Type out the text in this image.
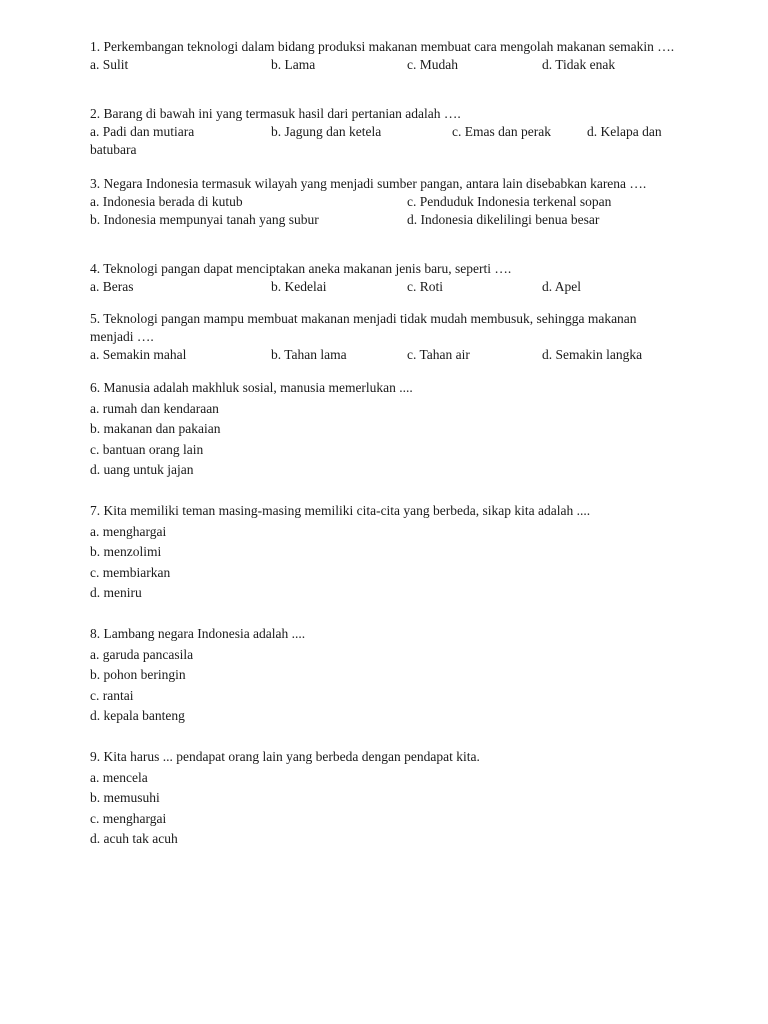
1. Perkembangan teknologi dalam bidang produksi makanan membuat cara mengolah makanan semakin ….
a. Sulit	b. Lama	c. Mudah	d. Tidak enak
2. Barang di bawah ini yang termasuk hasil dari pertanian adalah ….
a. Padi dan mutiara	b. Jagung dan ketela	c. Emas dan perak	d. Kelapa dan
batubara
3. Negara Indonesia termasuk wilayah yang menjadi sumber pangan, antara lain disebabkan karena ….
a. Indonesia berada di kutub	c. Penduduk Indonesia terkenal sopan
b. Indonesia mempunyai tanah yang subur	d. Indonesia dikelilingi benua besar
4. Teknologi pangan dapat menciptakan aneka makanan jenis baru, seperti ….
a. Beras	b. Kedelai	c. Roti	d. Apel
5. Teknologi pangan mampu membuat makanan menjadi tidak mudah membusuk, sehingga makanan menjadi ….
a. Semakin mahal	b. Tahan lama	c. Tahan air	d. Semakin langka
6. Manusia adalah makhluk sosial, manusia memerlukan ....
a. rumah dan kendaraan
b. makanan dan pakaian
c. bantuan orang lain
d. uang untuk jajan
7. Kita memiliki teman masing-masing memiliki cita-cita yang berbeda, sikap kita adalah ....
a. menghargai
b. menzolimi
c. membiarkan
d. meniru
8. Lambang negara Indonesia adalah ....
a. garuda pancasila
b. pohon beringin
c. rantai
d. kepala banteng
9. Kita harus ... pendapat orang lain yang berbeda dengan pendapat kita.
a. mencela
b. memusuhi
c. menghargai
d. acuh tak acuh
